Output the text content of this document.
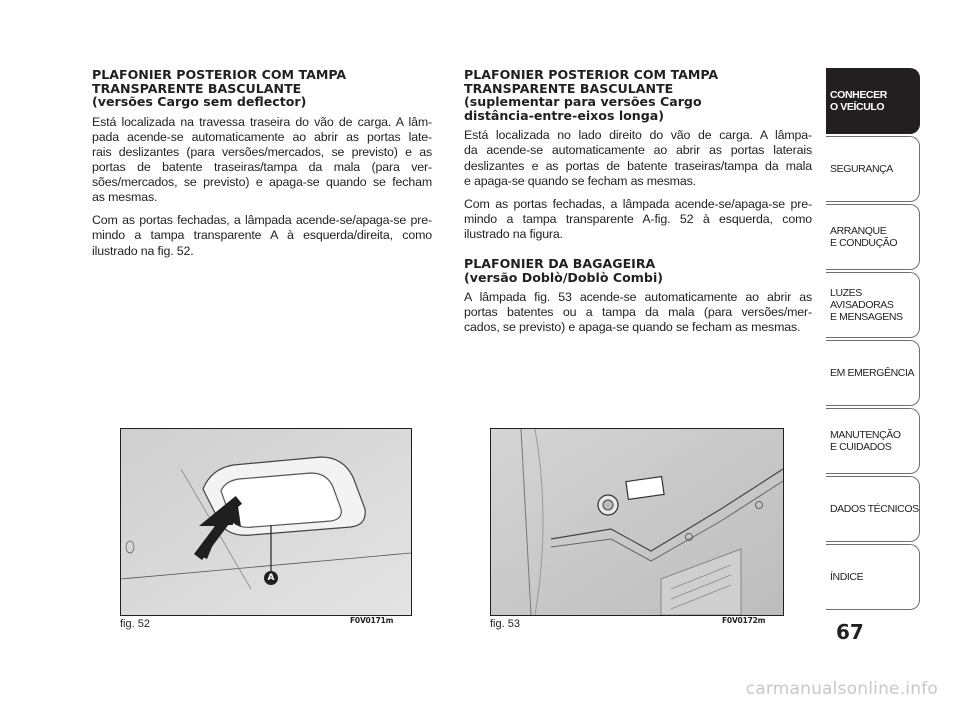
PLAFONIER POSTERIOR COM TAMPA
TRANSPARENTE BASCULANTE
(versões Cargo sem deflector)
Está localizada na travessa traseira do vão de carga. A lâm-
pada acende-se automaticamente ao abrir as portas late-
rais deslizantes (para versões/mercados, se previsto) e as
portas de batente traseiras/tampa da mala (para ver-
sões/mercados, se previsto) e apaga-se quando se fecham
as mesmas.
Com as portas fechadas, a lâmpada acende-se/apaga-se pre-
mindo a tampa transparente A à esquerda/direita, como
ilustrado na fig. 52.
PLAFONIER POSTERIOR COM TAMPA
TRANSPARENTE BASCULANTE
(suplementar para versões Cargo
distância-entre-eixos longa)
Está localizada no lado direito do vão de carga. A lâmpa-
da acende-se automaticamente ao abrir as portas laterais
deslizantes e as portas de batente traseiras/tampa da mala
e apaga-se quando se fecham as mesmas.
Com as portas fechadas, a lâmpada acende-se/apaga-se pre-
mindo a tampa transparente A-fig. 52 à esquerda, como
ilustrado na figura.
PLAFONIER DA BAGAGEIRA
(versão Doblò/Doblò Combi)
A lâmpada fig. 53 acende-se automaticamente ao abrir as
portas batentes ou a tampa da mala (para versões/mer-
cados, se previsto) e apaga-se quando se fecham as mesmas.
CONHECER
O VEÍCULO
SEGURANÇA
ARRANQUE
E CONDUÇÃO
LUZES AVISADORAS
E MENSAGENS
EM EMERGÊNCIA
MANUTENÇÃO
E CUIDADOS
DADOS TÉCNICOS
ÍNDICE
67
A
fig. 52	F0V0171m	fig. 53	F0V0172m
carmanualsonline.info
